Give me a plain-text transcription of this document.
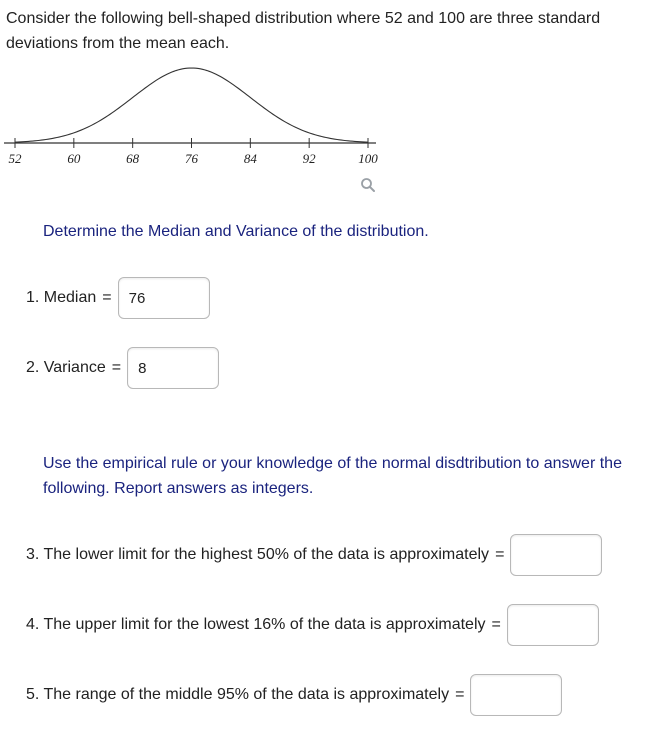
Consider the following bell-shaped distribution where 52 and 100 are three standard deviations from the mean each.
52	60	68	76	84	92	100
Determine the Median and Variance of the distribution.
1. Median =
76
2. Variance =
8
Use the empirical rule or your knowledge of the normal disdtribution to answer the following. Report answers as integers.
3. The lower limit for the highest 50% of the data is approximately =
4. The upper limit for the lowest 16% of the data is approximately =
5. The range of the middle 95% of the data is approximately =
